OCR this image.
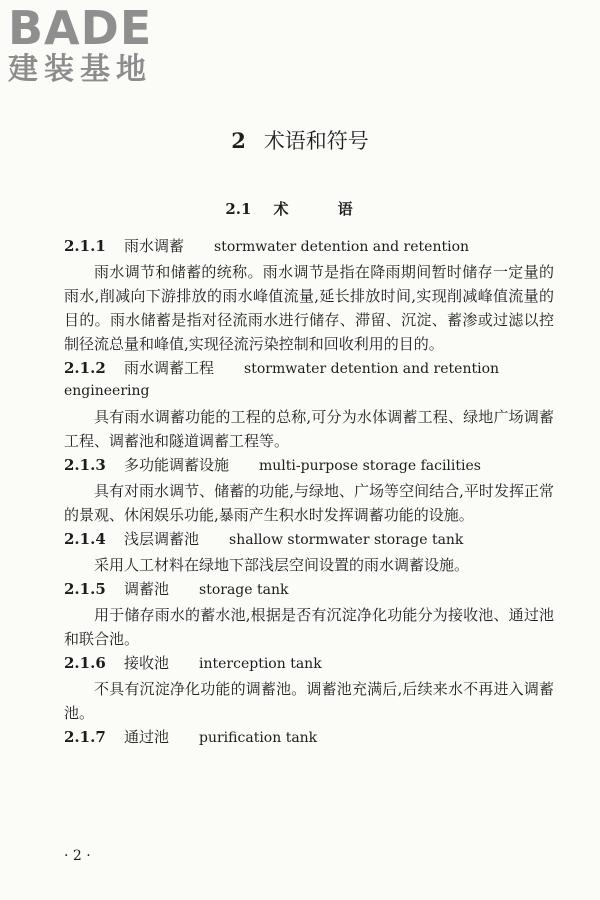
BADE
建装基地
2 术语和符号
2.1 术 语
2.1.1 雨水调蓄 stormwater detention and retention

雨水调节和储蓄的统称。雨水调节是指在降雨期间暂时储存一定量的雨水,削减向下游排放的雨水峰值流量,延长排放时间,实现削减峰值流量的目的。雨水储蓄是指对径流雨水进行储存、滞留、沉淀、蓄渗或过滤以控制径流总量和峰值,实现径流污染控制和回收利用的目的。

2.1.2 雨水调蓄工程 stormwater detention and retention engineering

具有雨水调蓄功能的工程的总称,可分为水体调蓄工程、绿地广场调蓄工程、调蓄池和隧道调蓄工程等。

2.1.3 多功能调蓄设施 multi-purpose storage facilities

具有对雨水调节、储蓄的功能,与绿地、广场等空间结合,平时发挥正常的景观、休闲娱乐功能,暴雨产生积水时发挥调蓄功能的设施。

2.1.4 浅层调蓄池 shallow stormwater storage tank

采用人工材料在绿地下部浅层空间设置的雨水调蓄设施。

2.1.5 调蓄池 storage tank

用于储存雨水的蓄水池,根据是否有沉淀净化功能分为接收池、通过池和联合池。

2.1.6 接收池 interception tank

不具有沉淀净化功能的调蓄池。调蓄池充满后,后续来水不再进入调蓄池。

2.1.7 通过池 purification tank
· 2 ·
